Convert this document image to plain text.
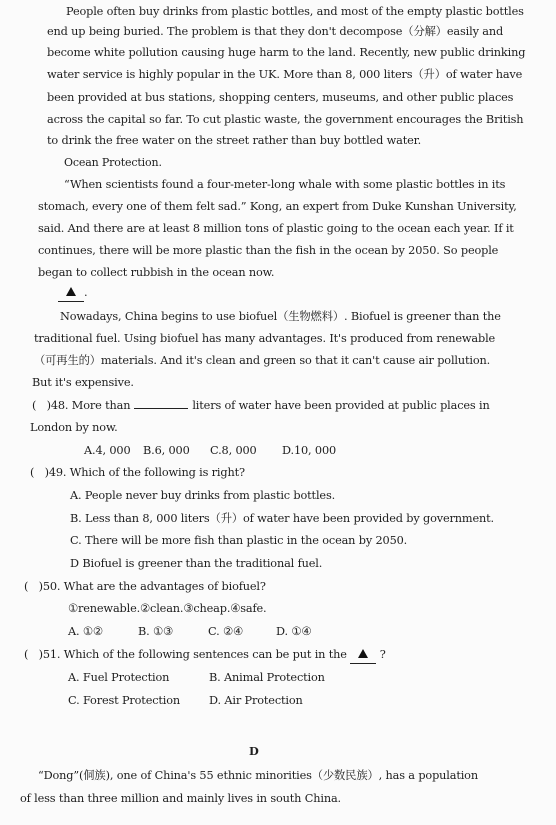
People often buy drinks from plastic bottles, and most of the empty plastic bottles
end up being buried. The problem is that they don't decompose（分解）easily and
become white pollution causing huge harm to the land. Recently, new public drinking
water service is highly popular in the UK. More than 8, 000 liters（升）of water have
been provided at bus stations, shopping centers, museums, and other public places
across the capital so far. To cut plastic waste, the government encourages the British
to drink the free water on the street rather than buy bottled water.
Ocean Protection.
“When scientists found a four-meter-long whale with some plastic bottles in its
stomach, every one of them felt sad.” Kong, an expert from Duke Kunshan University,
said. And there are at least 8 million tons of plastic going to the ocean each year. If it
continues, there will be more plastic than the fish in the ocean by 2050. So people
began to collect rubbish in the ocean now.
.
Nowadays, China begins to use biofuel（生物燃料）. Biofuel is greener than the
traditional fuel. Using biofuel has many advantages. It's produced from renewable
（可再生的）materials. And it's clean and green so that it can't cause air pollution.
But it's expensive.
( )48. More than	liters of water have been provided at public places in
London by now.
A.4, 000 B.6, 000 C.8, 000 D.10, 000
( )49. Which of the following is right?
A. People never buy drinks from plastic bottles.
B. Less than 8, 000 liters（升）of water have been provided by government.
C. There will be more fish than plastic in the ocean by 2050.
D Biofuel is greener than the traditional fuel.
( )50. What are the advantages of biofuel?
①renewable.②clean.③cheap.④safe.
A. ①②	B. ①③	C. ②④	D. ①④
( )51. Which of the following sentences can be put in the	?
A. Fuel Protection	B. Animal Protection
C. Forest Protection	D. Air Protection
D
“Dong”(侗族), one of China's 55 ethnic minorities（少数民族）, has a population
of less than three million and mainly lives in south China.
